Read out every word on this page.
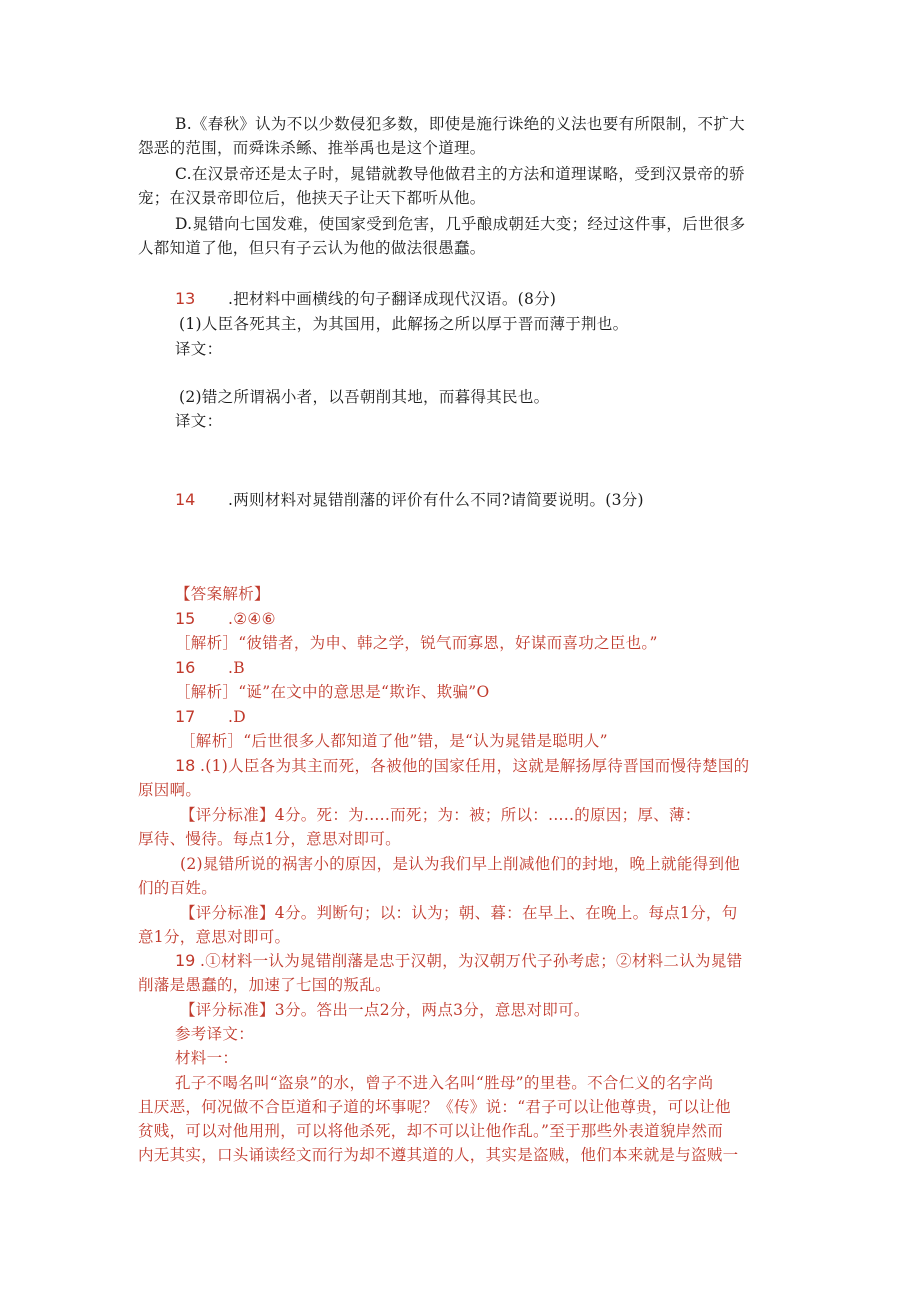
B.《春秋》认为不以少数侵犯多数，即使是施行诛绝的义法也要有所限制，不扩大
怨恶的范围，而舜诛杀鲧、推举禹也是这个道理。
C.在汉景帝还是太子时，晁错就教导他做君主的方法和道理谋略，受到汉景帝的骄
宠；在汉景帝即位后，他挟天子让天下都听从他。
D.晁错向七国发难，使国家受到危害，几乎酿成朝廷大变；经过这件事，后世很多
人都知道了他，但只有子云认为他的做法很愚蠢。
13 .把材料中画横线的句子翻译成现代汉语。(8分)
(1)人臣各死其主，为其国用，此解扬之所以厚于晋而薄于荆也。
译文：
(2)错之所谓祸小者，以吾朝削其地，而暮得其民也。
译文：
14 .两则材料对晁错削藩的评价有什么不同?请简要说明。(3分)
【答案解析】
15 .②④⑥
［解析］“彼错者，为申、韩之学，锐气而寡恩，好谋而喜功之臣也。”
16 .B
［解析］“诞”在文中的意思是“欺诈、欺骗”O
17 .D
［解析］“后世很多人都知道了他”错，是“认为晁错是聪明人”
18 .(1)人臣各为其主而死，各被他的国家任用，这就是解扬厚待晋国而慢待楚国的
原因啊。
【评分标准】4分。死：为.....而死；为：被；所以：.....的原因；厚、薄：
厚待、慢待。每点1分，意思对即可。
(2)晁错所说的祸害小的原因，是认为我们早上削减他们的封地，晚上就能得到他
们的百姓。
【评分标准】4分。判断句；以：认为；朝、暮：在早上、在晚上。每点1分，句
意1分，意思对即可。
19 .①材料一认为晁错削藩是忠于汉朝，为汉朝万代子孙考虑；②材料二认为晁错
削藩是愚蠢的，加速了七国的叛乱。
【评分标准】3分。答出一点2分，两点3分，意思对即可。
参考译文：
材料一：
孔子不喝名叫“盗泉”的水，曾子不进入名叫“胜母”的里巷。不合仁义的名字尚
且厌恶，何况做不合臣道和子道的坏事呢？《传》说：“君子可以让他尊贵，可以让他
贫贱，可以对他用刑，可以将他杀死，却不可以让他作乱。”至于那些外表道貌岸然而
内无其实，口头诵读经文而行为却不遵其道的人，其实是盗贼，他们本来就是与盗贼一
